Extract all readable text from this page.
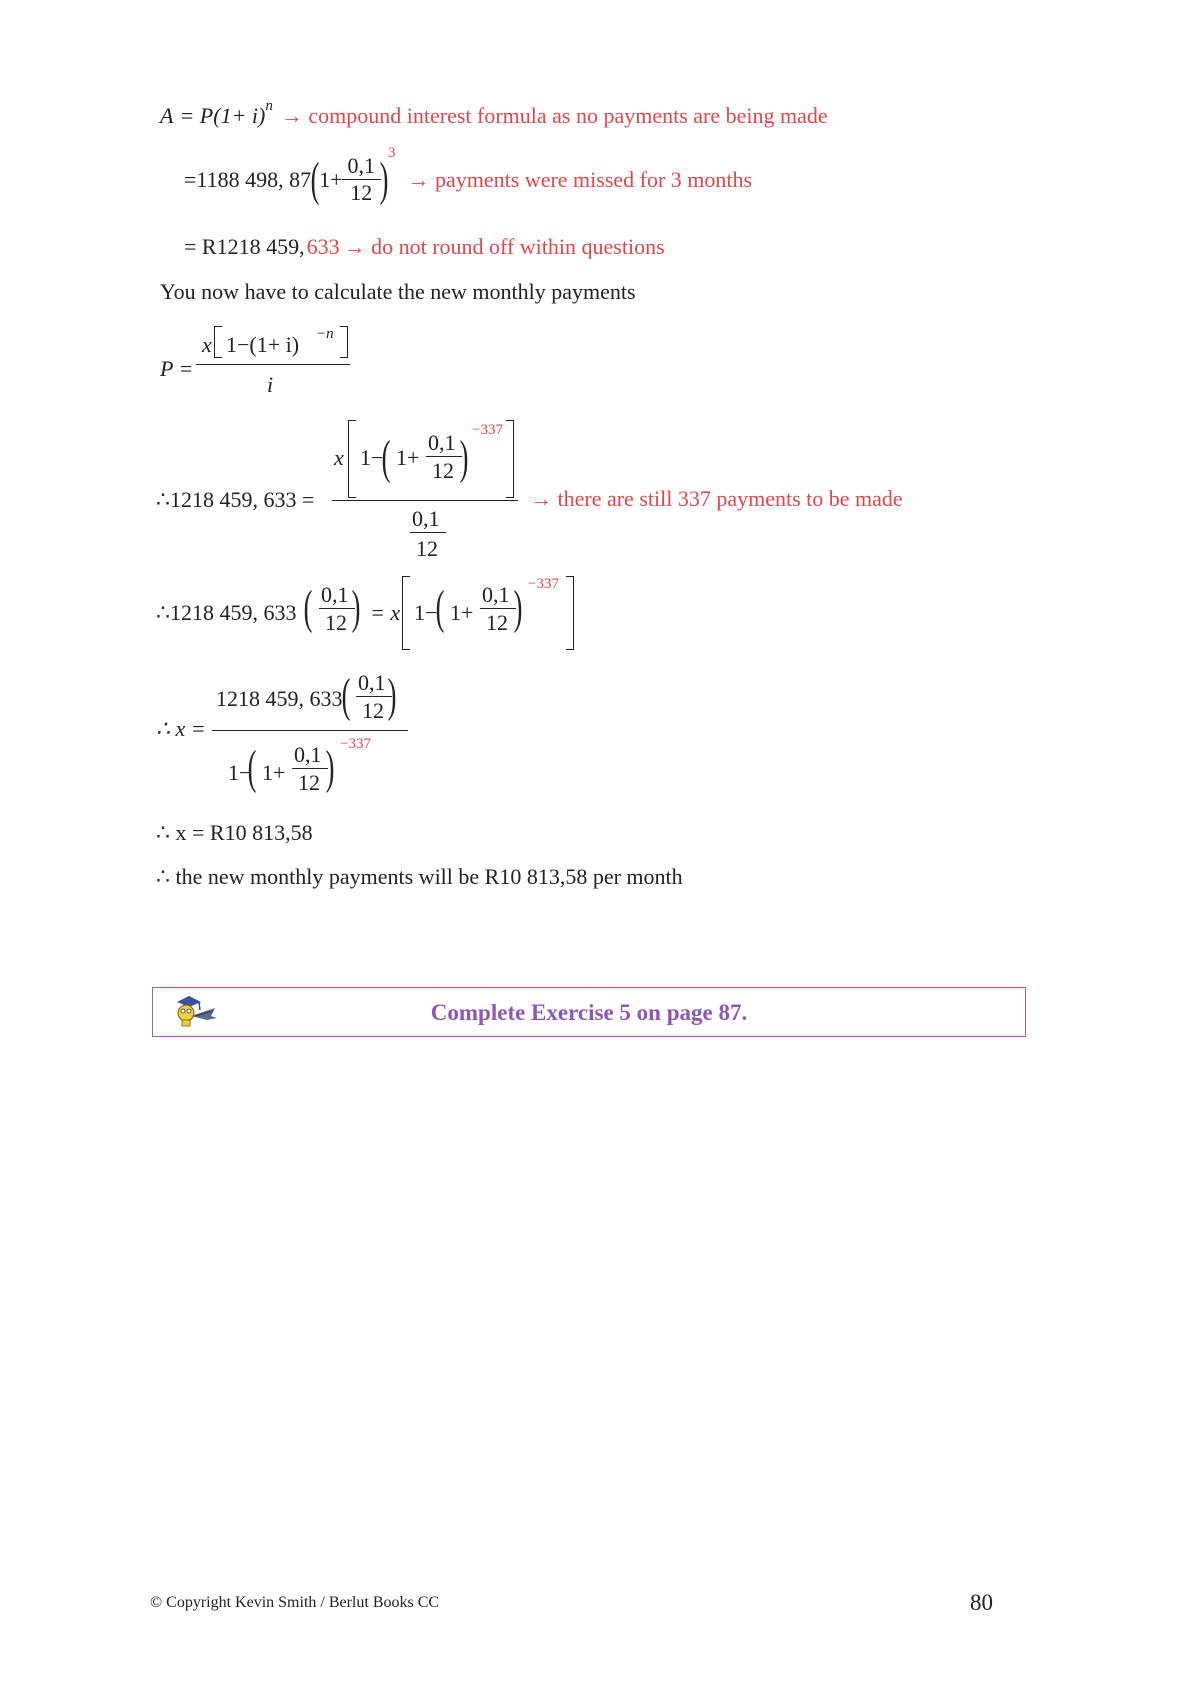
A = P (1+ i) n → compound interest formula as no payments are being made
=1188 498, 87 ( $1+ \frac{0,1}{12}$ ) 3
→ payments were missed for 3 months
= R1218 459, 633 → do not round off within questions
You now have to calculate the new monthly payments
P =
x 1−(1+ i) −n
i
∴1218 459, 633 =
x 1−
( 1+
0,1
12 )
−337
0,1
12
→ there are still 337 payments to be made
∴1218 459, 633 ( 0,1
12 ) = x 1−
( 1+
0,1
12 ) −337
∴ x =
1218 459, 633 ( 0,1
12 )
1−
( 1+
0,1
12 ) −337
∴ x = R10 813,58
∴ the new monthly payments will be R10 813,58 per month
Complete Exercise 5 on page 87.
© Copyright Kevin Smith / Berlut Books CC	80
